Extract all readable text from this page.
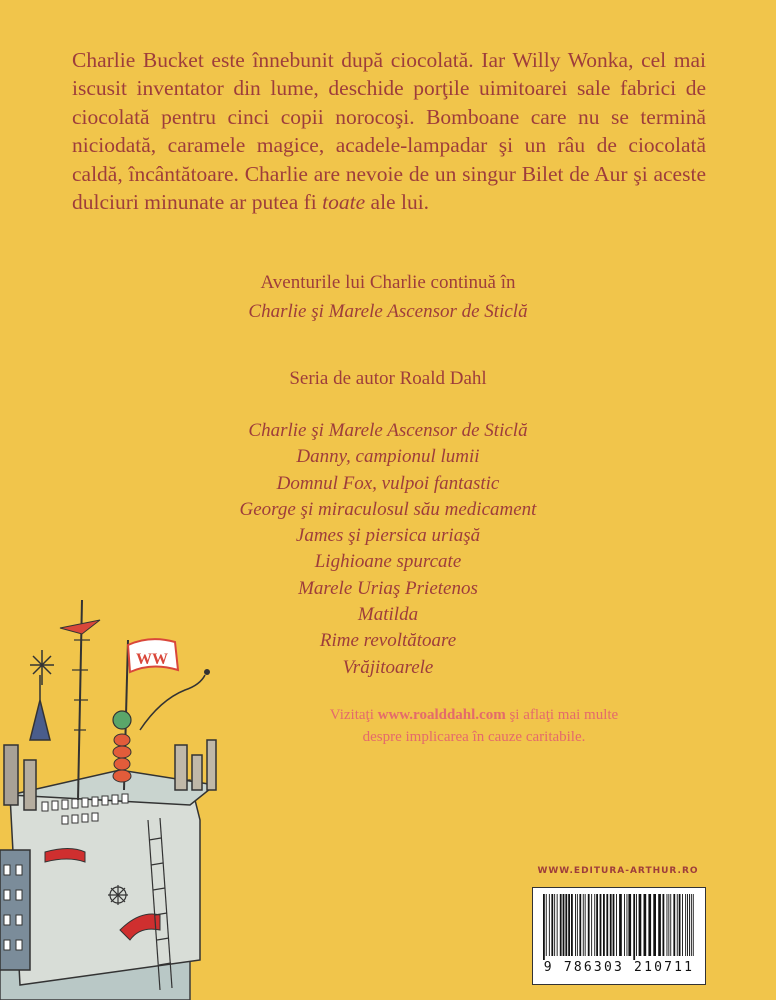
Charlie Bucket este înnebunit după ciocolată. Iar Willy Wonka, cel mai iscusit inventator din lume, deschide porţile uimitoarei sale fabrici de ciocolată pentru cinci copii norocoşi. Bomboane care nu se termină niciodată, caramele magice, acadele-lampadar şi un râu de ciocolată caldă, încântătoare. Charlie are nevoie de un singur Bilet de Aur şi aceste dulciuri minunate ar putea fi toate ale lui.

Aventurile lui Charlie continuă în
Charlie şi Marele Ascensor de Sticlă
Seria de autor Roald Dahl
Charlie şi Marele Ascensor de Sticlă
Danny, campionul lumii
Domnul Fox, vulpoi fantastic
George şi miraculosul său medicament
James şi piersica uriaşă
Lighioane spurcate
Marele Uriaş Prietenos
Matilda
Rime revoltătoare
Vrăjitoarele
Vizitaţi www.roalddahl.com şi aflaţi mai multe
despre implicarea în cauze caritabile.
WWW.EDITURA-ARTHUR.RO
9 786303 210711
WW
